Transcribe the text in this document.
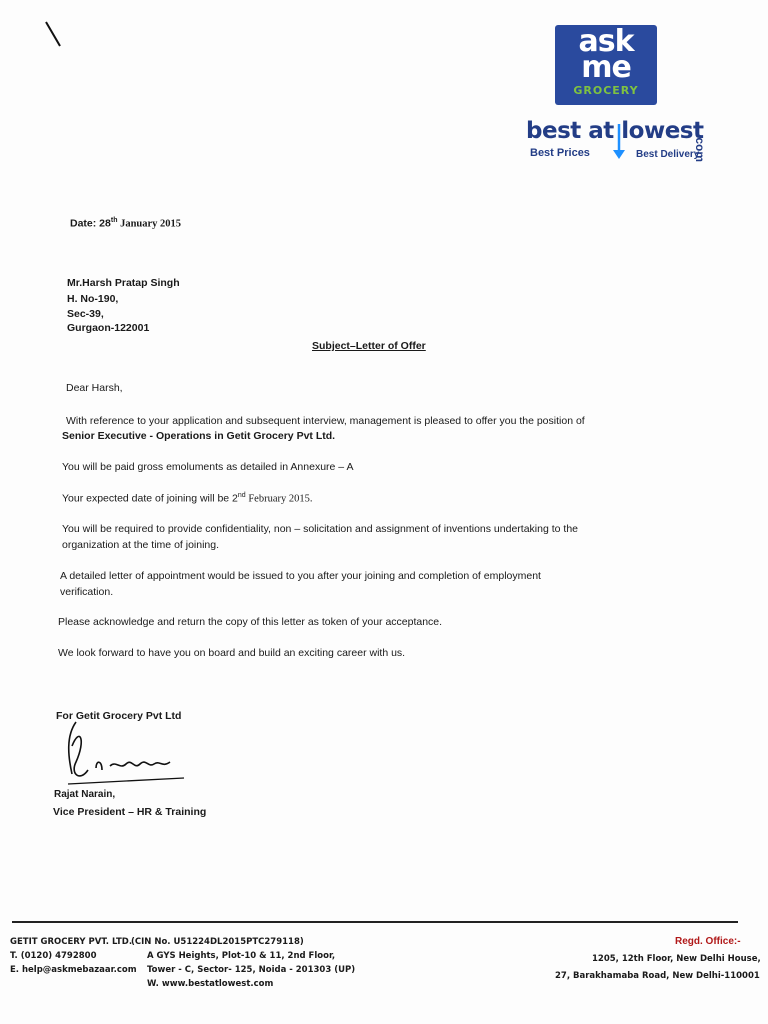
ask
me
GROCERY
best at lowest
.com
Best Prices	Best Delivery
Date: 28th January 2015
Mr.Harsh Pratap Singh
H. No-190,
Sec-39,
Gurgaon-122001
Subject–Letter of Offer
Dear Harsh,
With reference to your application and subsequent interview, management is pleased to offer you the position of
Senior Executive - Operations in Getit Grocery Pvt Ltd.
You will be paid gross emoluments as detailed in Annexure – A
Your expected date of joining will be 2nd February 2015.
You will be required to provide confidentiality, non – solicitation and assignment of inventions undertaking to the
organization at the time of joining.
A detailed letter of appointment would be issued to you after your joining and completion of employment
verification.
Please acknowledge and return the copy of this letter as token of your acceptance.
We look forward to have you on board and build an exciting career with us.
For Getit Grocery Pvt Ltd
Rajat Narain,
Vice President – HR & Training
GETIT GROCERY PVT. LTD.
(CIN No. U51224DL2015PTC279118)
T. (0120) 4792800
E. help@askmebazaar.com
A GYS Heights, Plot-10 & 11, 2nd Floor,
Tower - C, Sector- 125, Noida - 201303 (UP)
W. www.bestatlowest.com
Regd. Office:-
1205, 12th Floor, New Delhi House,
27, Barakhamaba Road, New Delhi-110001
